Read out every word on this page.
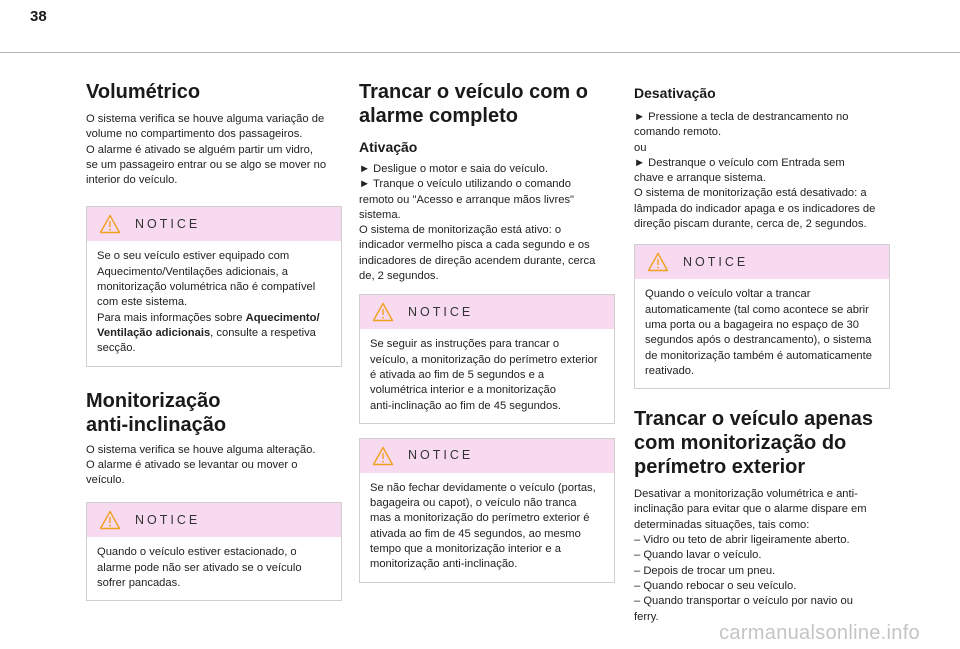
38
Volumétrico

O sistema verifica se houve alguma variação de
volume no compartimento dos passageiros.
O alarme é ativado se alguém partir um vidro,
se um passageiro entrar ou se algo se mover no
interior do veículo.

NOTICE
Se o seu veículo estiver equipado com
Aquecimento/Ventilações adicionais, a
monitorização volumétrica não é compatível
com este sistema.
Para mais informações sobre Aquecimento/
Ventilação adicionais, consulte a respetiva
secção.
Monitorização
anti-inclinação

O sistema verifica se houve alguma alteração.
O alarme é ativado se levantar ou mover o
veículo.

NOTICE
Quando o veículo estiver estacionado, o
alarme pode não ser ativado se o veículo
sofrer pancadas.
Trancar o veículo com o
alarme completo
Ativação

► Desligue o motor e saia do veículo.
► Tranque o veículo utilizando o comando
remoto ou "Acesso e arranque mãos livres"
sistema.
O sistema de monitorização está ativo: o
indicador vermelho pisca a cada segundo e os
indicadores de direção acendem durante, cerca
de, 2 segundos.

NOTICE
Se seguir as instruções para trancar o
veículo, a monitorização do perímetro exterior
é ativada ao fim de 5 segundos e a
volumétrica interior e a monitorização
anti-inclinação ao fim de 45 segundos.
NOTICE
Se não fechar devidamente o veículo (portas,
bagageira ou capot), o veículo não tranca
mas a monitorização do perímetro exterior é
ativada ao fim de 45 segundos, ao mesmo
tempo que a monitorização interior e a
monitorização anti-inclinação.
Desativação

► Pressione a tecla de destrancamento no
comando remoto.
ou
► Destranque o veículo com Entrada sem
chave e arranque sistema.
O sistema de monitorização está desativado: a
lâmpada do indicador apaga e os indicadores de
direção piscam durante, cerca de, 2 segundos.

NOTICE
Quando o veículo voltar a trancar
automaticamente (tal como acontece se abrir
uma porta ou a bagageira no espaço de 30
segundos após o destrancamento), o sistema
de monitorização também é automaticamente
reativado.
Trancar o veículo apenas
com monitorização do
perímetro exterior

Desativar a monitorização volumétrica e anti-
inclinação para evitar que o alarme dispare em
determinadas situações, tais como:
– Vidro ou teto de abrir ligeiramente aberto.
– Quando lavar o veículo.
– Depois de trocar um pneu.
– Quando rebocar o seu veículo.
– Quando transportar o veículo por navio ou
ferry.

carmanualsonline.info
